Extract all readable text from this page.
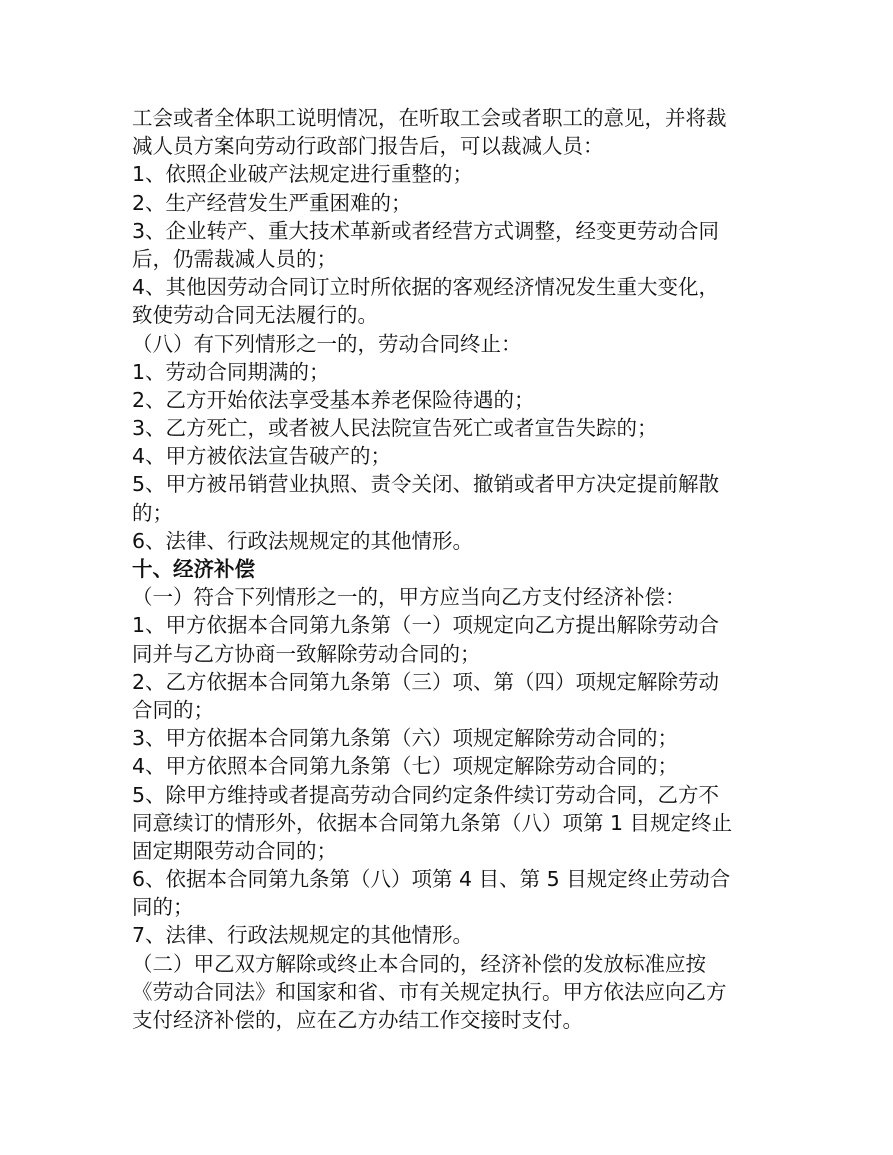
工会或者全体职工说明情况，在听取工会或者职工的意见，并将裁
减人员方案向劳动行政部门报告后，可以裁减人员：
1、依照企业破产法规定进行重整的；
2、生产经营发生严重困难的；
3、企业转产、重大技术革新或者经营方式调整，经变更劳动合同
后，仍需裁减人员的；
4、其他因劳动合同订立时所依据的客观经济情况发生重大变化，
致使劳动合同无法履行的。
（八）有下列情形之一的，劳动合同终止：
1、劳动合同期满的；
2、乙方开始依法享受基本养老保险待遇的；
3、乙方死亡，或者被人民法院宣告死亡或者宣告失踪的；
4、甲方被依法宣告破产的；
5、甲方被吊销营业执照、责令关闭、撤销或者甲方决定提前解散
的；
6、法律、行政法规规定的其他情形。
十、经济补偿
（一）符合下列情形之一的，甲方应当向乙方支付经济补偿：
1、甲方依据本合同第九条第（一）项规定向乙方提出解除劳动合
同并与乙方协商一致解除劳动合同的；
2、乙方依据本合同第九条第（三）项、第（四）项规定解除劳动
合同的；
3、甲方依据本合同第九条第（六）项规定解除劳动合同的；
4、甲方依照本合同第九条第（七）项规定解除劳动合同的；
5、除甲方维持或者提高劳动合同约定条件续订劳动合同，乙方不
同意续订的情形外，依据本合同第九条第（八）项第 1 目规定终止
固定期限劳动合同的；
6、依据本合同第九条第（八）项第 4 目、第 5 目规定终止劳动合
同的；
7、法律、行政法规规定的其他情形。
（二）甲乙双方解除或终止本合同的，经济补偿的发放标准应按
《劳动合同法》和国家和省、市有关规定执行。甲方依法应向乙方
支付经济补偿的，应在乙方办结工作交接时支付。
